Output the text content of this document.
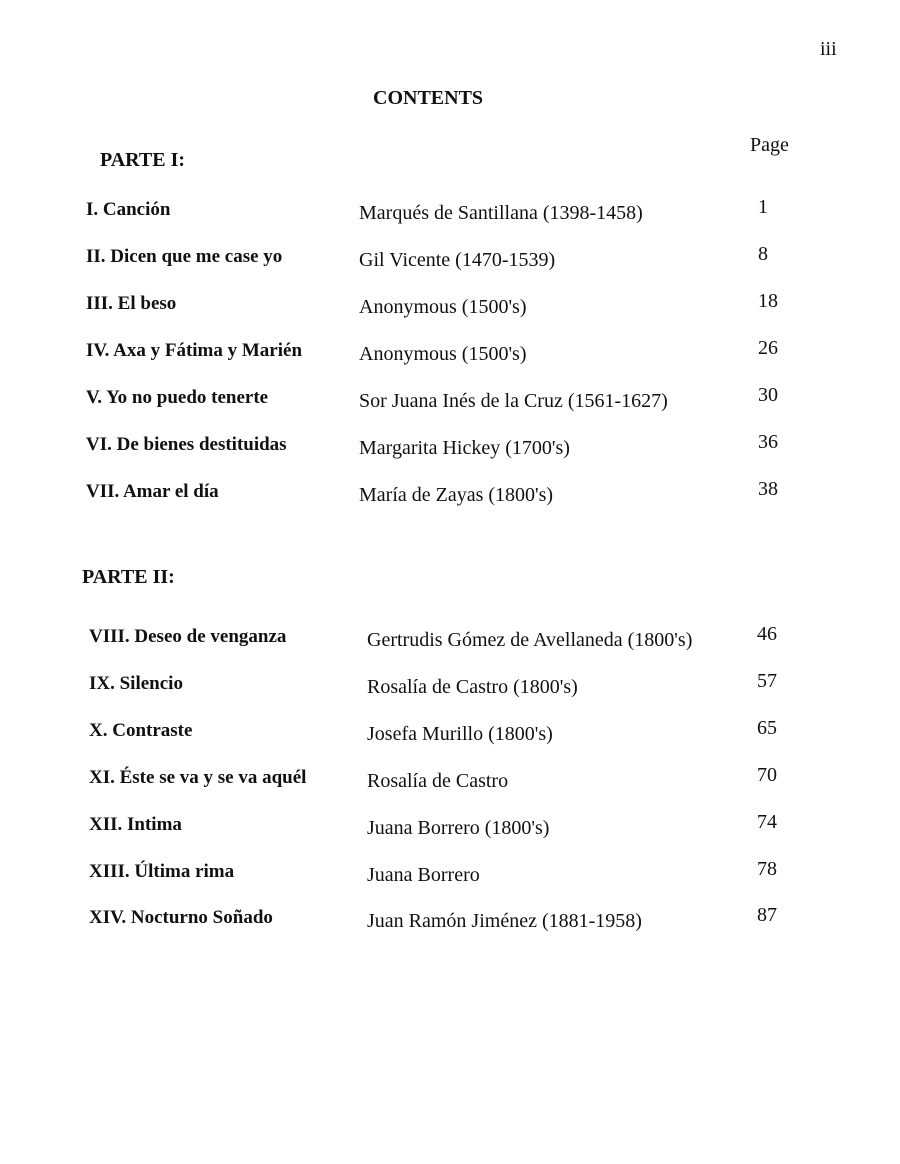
iii
CONTENTS
Page
PARTE I:
I. Canción	Marqués de Santillana (1398-1458)	1
II. Dicen que me case yo	Gil Vicente (1470-1539)	8
III. El beso	Anonymous (1500's)	18
IV. Axa y Fátima y Marién	Anonymous (1500's)	26
V. Yo no puedo tenerte	Sor Juana Inés de la Cruz (1561-1627)	30
VI. De bienes destituidas	Margarita Hickey (1700's)	36
VII. Amar el día	María de Zayas (1800's)	38
PARTE II:
VIII. Deseo de venganza	Gertrudis Gómez de Avellaneda (1800's)	46
IX. Silencio	Rosalía de Castro (1800's)	57
X. Contraste	Josefa Murillo (1800's)	65
XI. Éste se va y se va aquél	Rosalía de Castro	70
XII. Intima	Juana Borrero (1800's)	74
XIII. Última rima	Juana Borrero	78
XIV. Nocturno Soñado	Juan Ramón Jiménez (1881-1958)	87
